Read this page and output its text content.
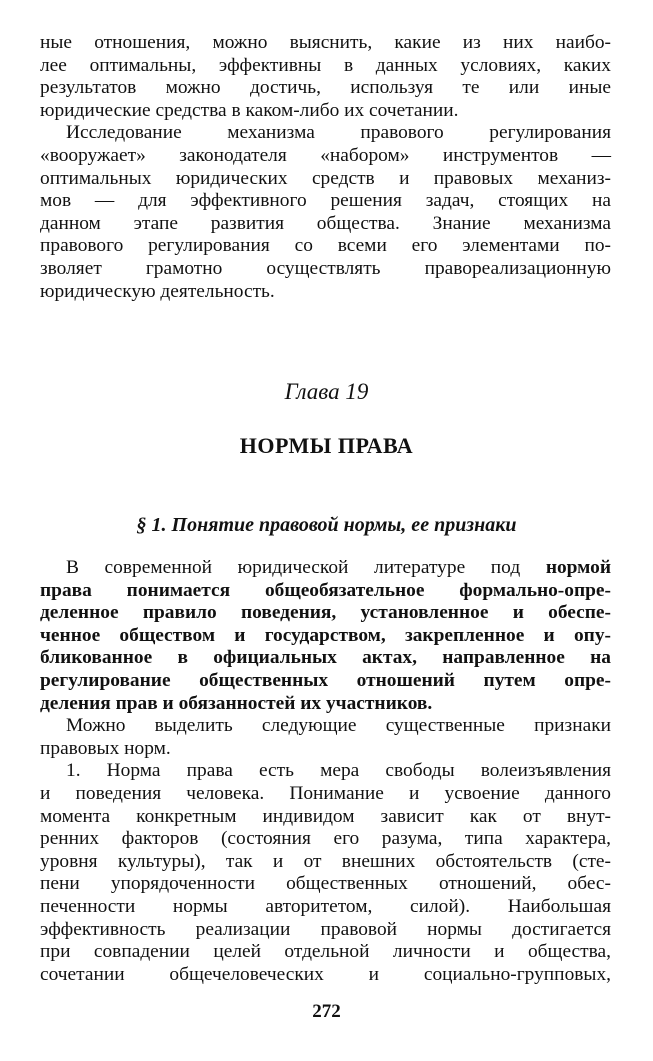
ные отношения, можно выяснить, какие из них наибо-
лее оптимальны, эффективны в данных условиях, каких
результатов можно достичь, используя те или иные
юридические средства в каком-либо их сочетании.
Исследование механизма правового регулирования
«вооружает» законодателя «набором» инструментов —
оптимальных юридических средств и правовых механиз-
мов — для эффективного решения задач, стоящих на
данном этапе развития общества. Знание механизма
правового регулирования со всеми его элементами по-
зволяет грамотно осуществлять правореализационную
юридическую деятельность.
Глава 19
НОРМЫ ПРАВА
§ 1. Понятие правовой нормы, ее признаки
В современной юридической литературе под нормой
права понимается общеобязательное формально-опре-
деленное правило поведения, установленное и обеспе-
ченное обществом и государством, закрепленное и опу-
бликованное в официальных актах, направленное на
регулирование общественных отношений путем опре-
деления прав и обязанностей их участников.
Можно выделить следующие существенные признаки
правовых норм.
1. Норма права есть мера свободы волеизъявления
и поведения человека. Понимание и усвоение данного
момента конкретным индивидом зависит как от внут-
ренних факторов (состояния его разума, типа характера,
уровня культуры), так и от внешних обстоятельств (сте-
пени упорядоченности общественных отношений, обес-
печенности нормы авторитетом, силой). Наибольшая
эффективность реализации правовой нормы достигается
при совпадении целей отдельной личности и общества,
сочетании общечеловеческих и социально-групповых,
272
